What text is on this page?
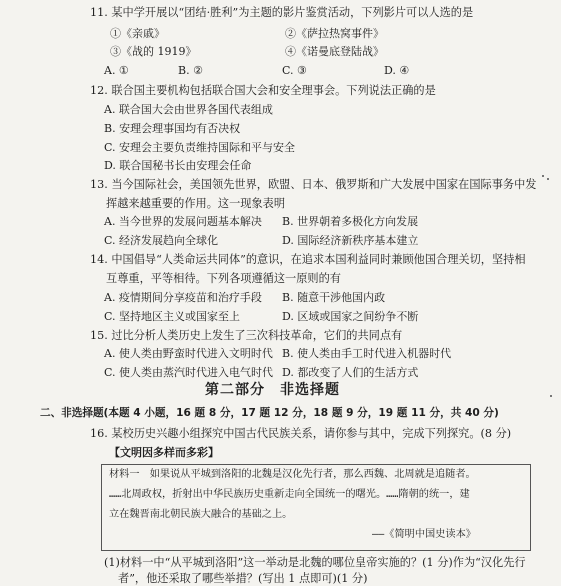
11. 某中学开展以“团结·胜利”为主题的影片鉴赏活动，下列影片可以人选的是
①《亲戚》	②《萨拉热窝事件》
③《战的 1919》	④《诺曼底登陆战》
A. ①	B. ②	C. ③	D. ④
12. 联合国主要机构包括联合国大会和安全理事会。下列说法正确的是
A. 联合国大会由世界各国代表组成
B. 安理会理事国均有否决权
C. 安理会主要负责维持国际和平与安全
D. 联合国秘书长由安理会任命
13. 当今国际社会，美国领先世界，欧盟、日本、俄罗斯和广大发展中国家在国际事务中发
挥越来越重要的作用。这一现象表明
A. 当今世界的发展问题基本解决 B. 世界朝着多极化方向发展
C. 经济发展趋向全球化	D. 国际经济新秩序基本建立
14. 中国倡导“人类命运共同体”的意识，在追求本国利益同时兼顾他国合理关切，坚持相
互尊重，平等相待。下列各项遵循这一原则的有
A. 疫情期间分享疫苗和治疗手段 B. 随意干涉他国内政
C. 坚持地区主义或国家至上	D. 区域或国家之间纷争不断
15. 过比分析人类历史上发生了三次科技革命，它们的共同点有
A. 使人类由野蛮时代进入文明时代 B. 使人类由手工时代进入机器时代
C. 使人类由蒸汽时代进入电气时代 D. 都改变了人们的生活方式
第二部分　非选择题
二、非选择题(本题 4 小题，16 题 8 分，17 题 12 分，18 题 9 分，19 题 11 分，共 40 分)
16. 某校历史兴趣小组探究中国古代民族关系，请你参与其中，完成下列探究。(8 分)
【文明因多样而多彩】
材料一　如果说从平城到洛阳的北魏是汉化先行者，那么西魏、北周就是追随者。
……北周政权，折射出中华民族历史重新走向全国统一的曙光。……隋朝的统一，建
立在魏晋南北朝民族大融合的基础之上。
——《简明中国史读本》
(1)材料一中“从平城到洛阳”这一举动是北魏的哪位皇帝实施的？(1 分)作为“汉化先行
者”，他还采取了哪些举措？(写出 1 点即可)(1 分)
